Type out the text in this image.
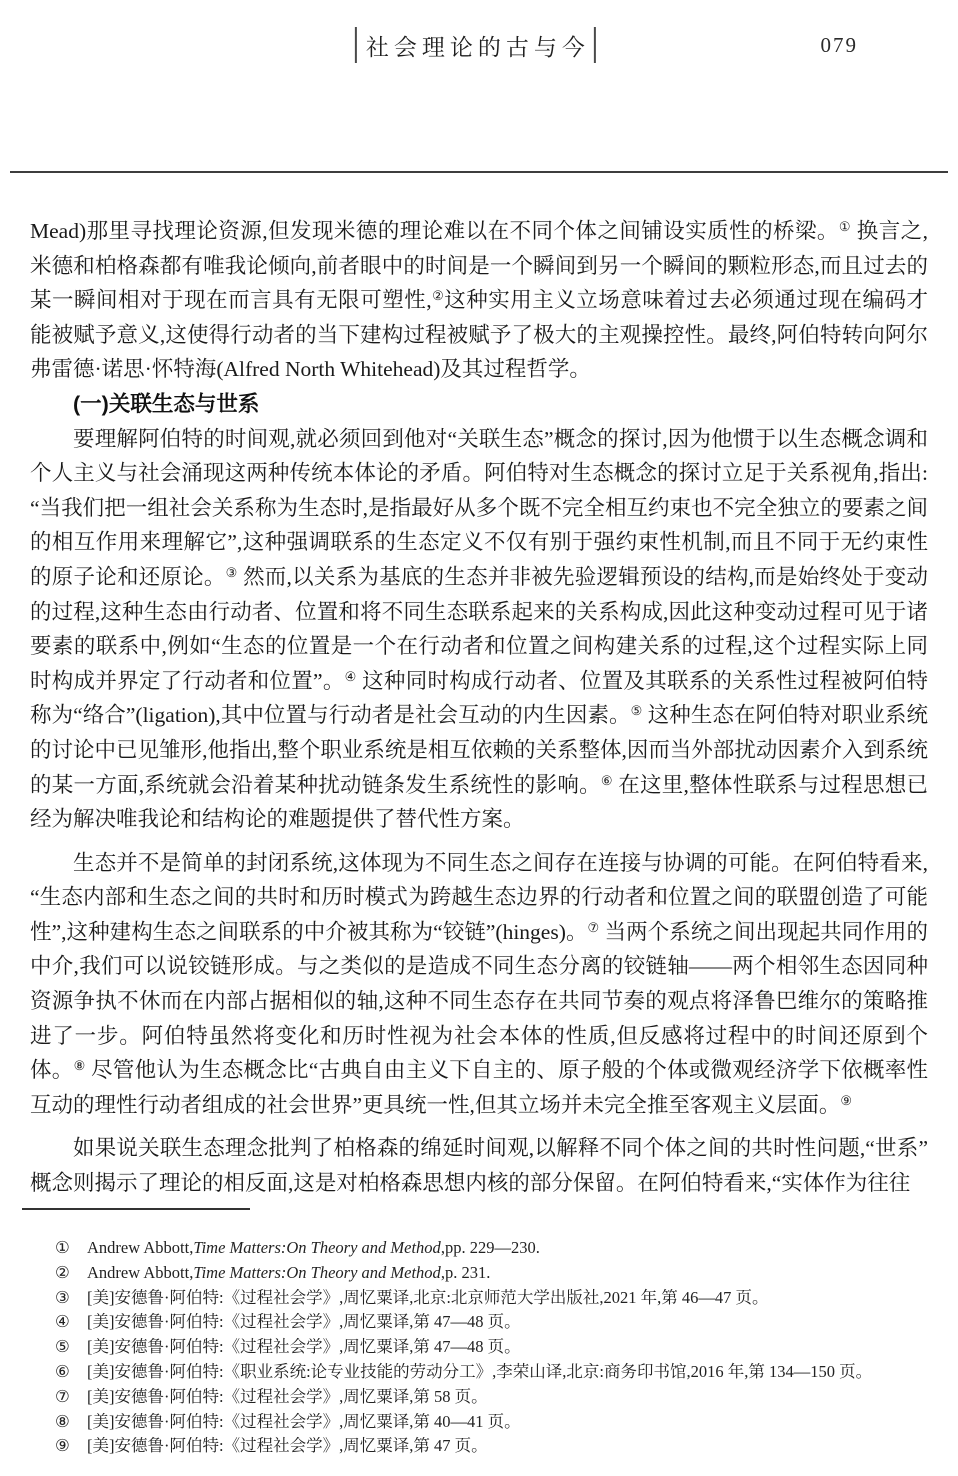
社会理论的古与今	079

Mead)那里寻找理论资源,但发现米德的理论难以在不同个体之间铺设实质性的桥梁。① 换言之,米德和柏格森都有唯我论倾向,前者眼中的时间是一个瞬间到另一个瞬间的颗粒形态,而且过去的某一瞬间相对于现在而言具有无限可塑性,②这种实用主义立场意味着过去必须通过现在编码才能被赋予意义,这使得行动者的当下建构过程被赋予了极大的主观操控性。最终,阿伯特转向阿尔弗雷德·诺思·怀特海(Alfred North Whitehead)及其过程哲学。

(一)关联生态与世系

要理解阿伯特的时间观,就必须回到他对“关联生态”概念的探讨,因为他惯于以生态概念调和个人主义与社会涌现这两种传统本体论的矛盾。阿伯特对生态概念的探讨立足于关系视角,指出:“当我们把一组社会关系称为生态时,是指最好从多个既不完全相互约束也不完全独立的要素之间的相互作用来理解它”,这种强调联系的生态定义不仅有别于强约束性机制,而且不同于无约束性的原子论和还原论。③ 然而,以关系为基底的生态并非被先验逻辑预设的结构,而是始终处于变动的过程,这种生态由行动者、位置和将不同生态联系起来的关系构成,因此这种变动过程可见于诸要素的联系中,例如“生态的位置是一个在行动者和位置之间构建关系的过程,这个过程实际上同时构成并界定了行动者和位置”。④ 这种同时构成行动者、位置及其联系的关系性过程被阿伯特称为“络合”(ligation),其中位置与行动者是社会互动的内生因素。⑤ 这种生态在阿伯特对职业系统的讨论中已见雏形,他指出,整个职业系统是相互依赖的关系整体,因而当外部扰动因素介入到系统的某一方面,系统就会沿着某种扰动链条发生系统性的影响。⑥ 在这里,整体性联系与过程思想已经为解决唯我论和结构论的难题提供了替代性方案。

生态并不是简单的封闭系统,这体现为不同生态之间存在连接与协调的可能。在阿伯特看来,“生态内部和生态之间的共时和历时模式为跨越生态边界的行动者和位置之间的联盟创造了可能性”,这种建构生态之间联系的中介被其称为“铰链”(hinges)。⑦ 当两个系统之间出现起共同作用的中介,我们可以说铰链形成。与之类似的是造成不同生态分离的铰链轴——两个相邻生态因同种资源争执不休而在内部占据相似的轴,这种不同生态存在共同节奏的观点将泽鲁巴维尔的策略推进了一步。阿伯特虽然将变化和历时性视为社会本体的性质,但反感将过程中的时间还原到个体。⑧ 尽管他认为生态概念比“古典自由主义下自主的、原子般的个体或微观经济学下依概率性互动的理性行动者组成的社会世界”更具统一性,但其立场并未完全推至客观主义层面。⑨

如果说关联生态理念批判了柏格森的绵延时间观,以解释不同个体之间的共时性问题,“世系”概念则揭示了理论的相反面,这是对柏格森思想内核的部分保留。在阿伯特看来,“实体作为往往

① Andrew Abbott,Time Matters:On Theory and Method,pp. 229—230.
② Andrew Abbott,Time Matters:On Theory and Method,p. 231.
③ [美]安德鲁·阿伯特:《过程社会学》,周忆粟译,北京:北京师范大学出版社,2021 年,第 46—47 页。
④ [美]安德鲁·阿伯特:《过程社会学》,周忆粟译,第 47—48 页。
⑤ [美]安德鲁·阿伯特:《过程社会学》,周忆粟译,第 47—48 页。
⑥ [美]安德鲁·阿伯特:《职业系统:论专业技能的劳动分工》,李荣山译,北京:商务印书馆,2016 年,第 134—150 页。
⑦ [美]安德鲁·阿伯特:《过程社会学》,周忆粟译,第 58 页。
⑧ [美]安德鲁·阿伯特:《过程社会学》,周忆粟译,第 40—41 页。
⑨ [美]安德鲁·阿伯特:《过程社会学》,周忆粟译,第 47 页。
